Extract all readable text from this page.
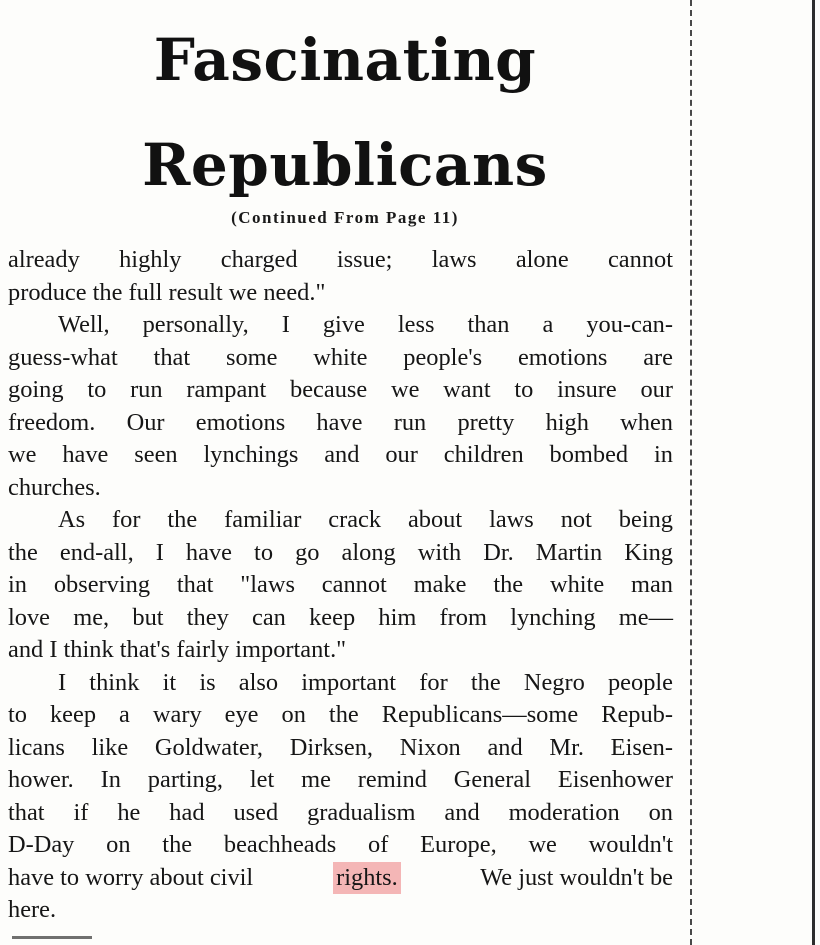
Fascinating
Republicans
(Continued From Page 11)
already highly charged issue; laws alone cannot
produce the full result we need."
Well, personally, I give less than a you-can-
guess-what that some white people's emotions are
going to run rampant because we want to insure our
freedom. Our emotions have run pretty high when
we have seen lynchings and our children bombed in
churches.
As for the familiar crack about laws not being
the end-all, I have to go along with Dr. Martin King
in observing that "laws cannot make the white man
love me, but they can keep him from lynching me—
and I think that's fairly important."
I think it is also important for the Negro people
to keep a wary eye on the Republicans—some Repub-
licans like Goldwater, Dirksen, Nixon and Mr. Eisen-
hower. In parting, let me remind General Eisenhower
that if he had used gradualism and moderation on
D-Day on the beachheads of Europe, we wouldn't
have to worry about civil	rights.	We just wouldn't be
here.
